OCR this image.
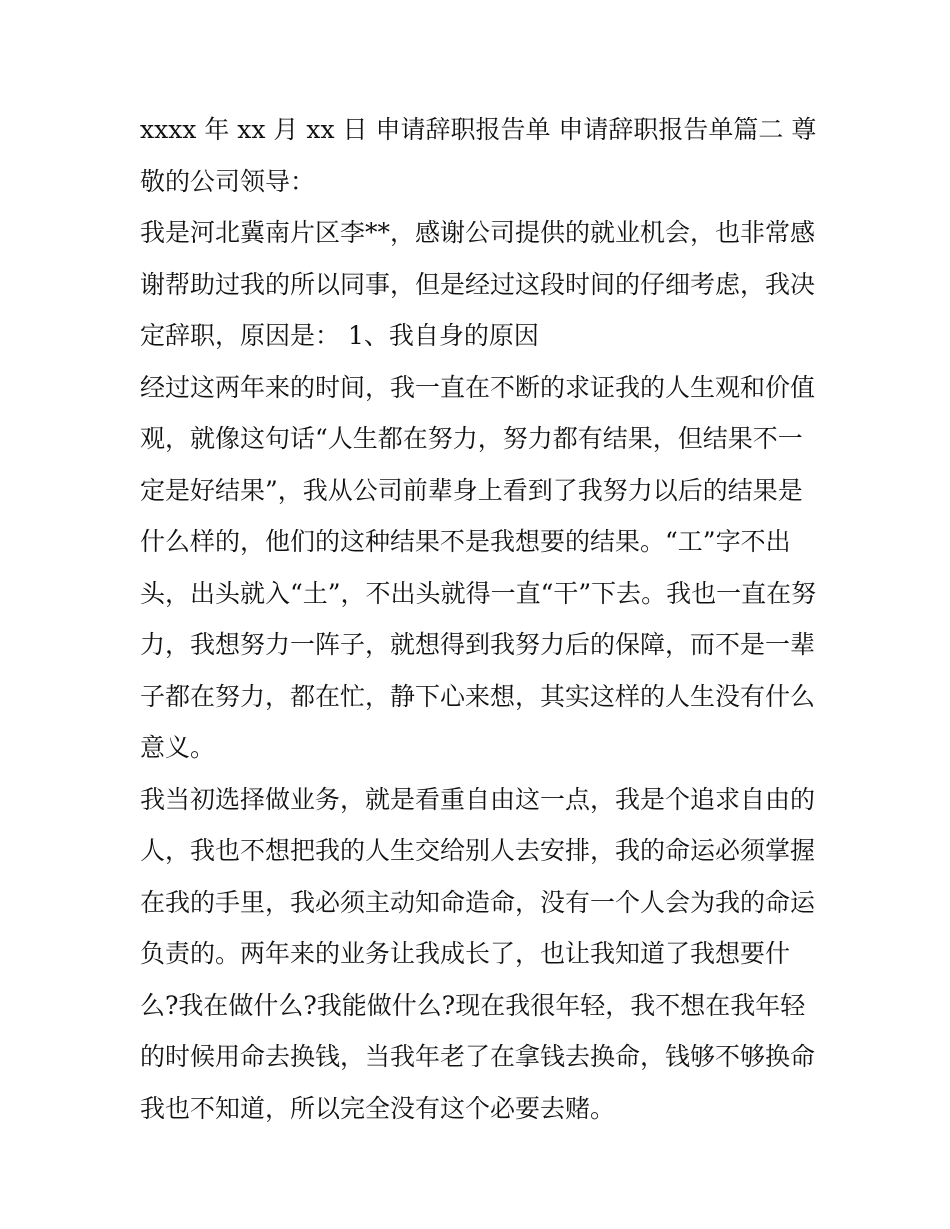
xxxx 年 xx 月 xx 日 申请辞职报告单 申请辞职报告单篇二 尊敬的公司领导：

我是河北冀南片区李**，感谢公司提供的就业机会，也非常感谢帮助过我的所以同事，但是经过这段时间的仔细考虑，我决定辞职，原因是： 1、我自身的原因

经过这两年来的时间，我一直在不断的求证我的人生观和价值观，就像这句话“人生都在努力，努力都有结果，但结果不一定是好结果”，我从公司前辈身上看到了我努力以后的结果是什么样的，他们的这种结果不是我想要的结果。“工”字不出头，出头就入“土”，不出头就得一直“干”下去。我也一直在努力，我想努力一阵子，就想得到我努力后的保障，而不是一辈子都在努力，都在忙，静下心来想，其实这样的人生没有什么意义。

我当初选择做业务，就是看重自由这一点，我是个追求自由的人，我也不想把我的人生交给别人去安排，我的命运必须掌握在我的手里，我必须主动知命造命，没有一个人会为我的命运负责的。两年来的业务让我成长了，也让我知道了我想要什么?我在做什么?我能做什么?现在我很年轻，我不想在我年轻的时候用命去换钱，当我年老了在拿钱去换命，钱够不够换命我也不知道，所以完全没有这个必要去赌。
